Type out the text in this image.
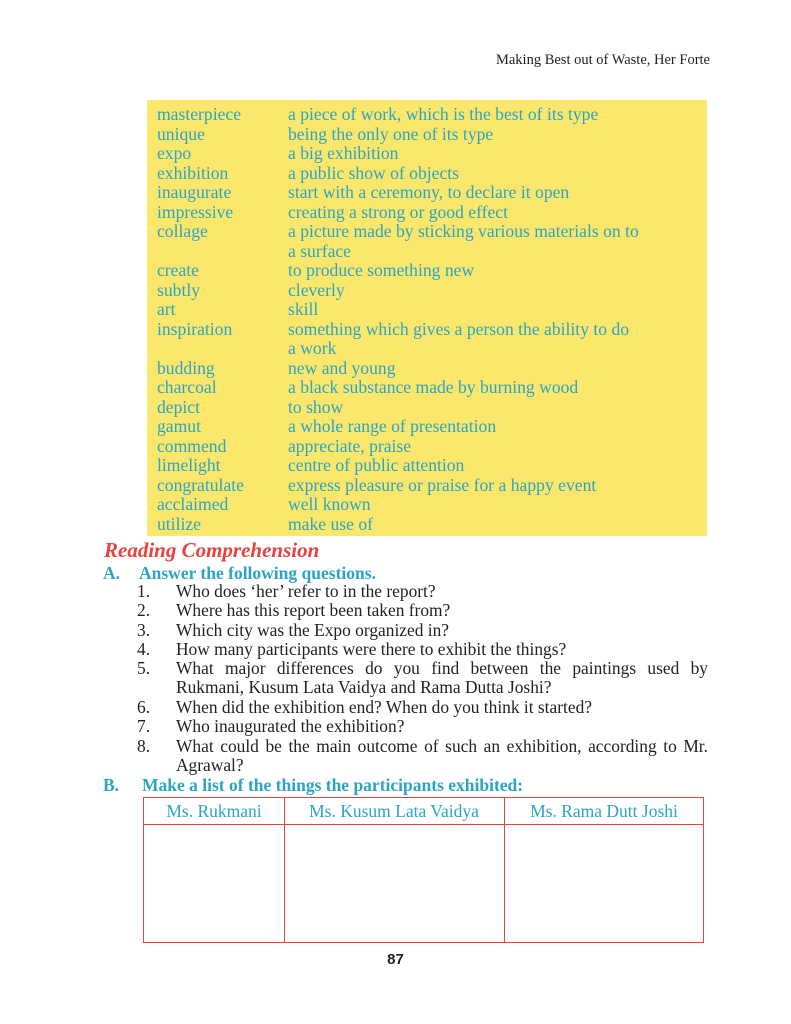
Making Best out of Waste, Her Forte
masterpiece	a piece of work, which is the best of its type
unique	being the only one of its type
expo	a big exhibition
exhibition	a public show of objects
inaugurate	start with a ceremony, to declare it open
impressive	creating a strong or good effect
collage	a picture made by sticking various materials on to
a surface
create	to produce something new
subtly	cleverly
art	skill
inspiration	something which gives a person the ability to do
a work
budding	new and young
charcoal	a black substance made by burning wood
depict	to show
gamut	a whole range of presentation
commend	appreciate, praise
limelight	centre of public attention
congratulate	express pleasure or praise for a happy event
acclaimed	well known
utilize	make use of
Reading Comprehension
A. Answer the following questions.
1. Who does ‘her’ refer to in the report?
2. Where has this report been taken from?
3. Which city was the Expo organized in?
4. How many participants were there to exhibit the things?
5. What major differences do you find between the paintings used by Rukmani, Kusum Lata Vaidya and Rama Dutta Joshi?
6. When did the exhibition end? When do you think it started?
7. Who inaugurated the exhibition?
8. What could be the main outcome of such an exhibition, according to Mr. Agrawal?
B. Make a list of the things the participants exhibited:
Ms. Rukmani	Ms. Kusum Lata Vaidya	Ms. Rama Dutt Joshi
87
